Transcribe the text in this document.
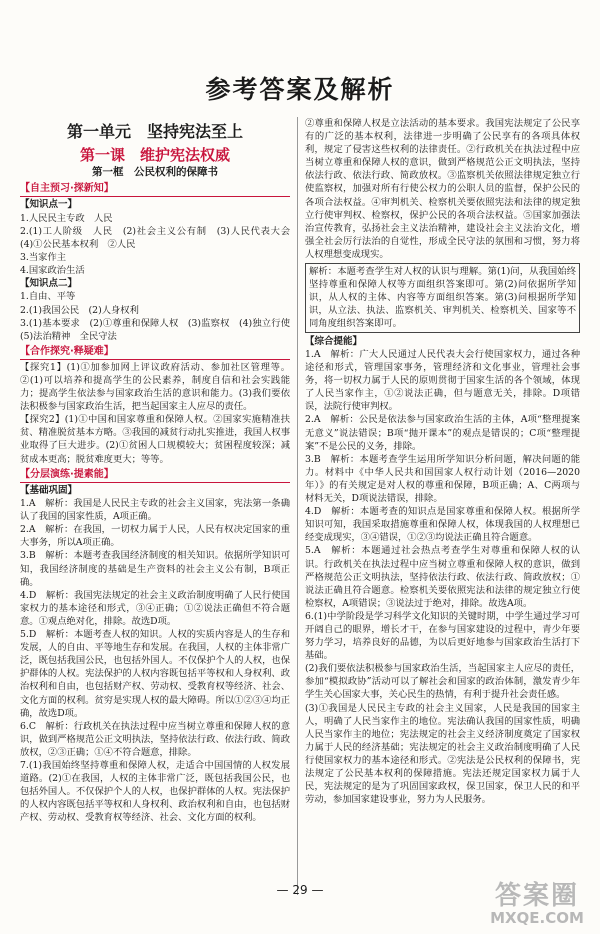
参考答案及解析
第一单元　坚持宪法至上
第一课　维护宪法权威
第一框　公民权利的保障书
【自主预习·探新知】
【知识点一】

1.人民民主专政　人民

2.(1)工人阶级　人民　(2)社会主义公有制　(3)人民代表大会　(4)①公民基本权利　②人民

3.当家作主

4.国家政治生活

【知识点二】

1.自由、平等

2.(1)我国公民　(2)人身权利

3.(1)基本要求　(2)①尊重和保障人权　(3)监察权　(4)独立行使　(5)法治精神　全民守法

【合作探究·释疑难】

【探究1】(1)①加参加网上评议政府活动、参加社区管理等。②(1)可以培养和提高学生的公民素养，制度自信和社会实践能力；提高学生依法参与国家政治生活的意识和能力。(3)我们要依法积极参与国家政治生活，把当起国家主人应尽的责任。

【探究2】(1)①中国和国家尊重和保障人权。②国家实施精准扶贫、精准脱贫基本方略。③我国的减贫行动扎实推进，我国人权事业取得了巨大进步。(2)①贫困人口规模较大；贫困程度较深；减贫成本更高；脱贫难度更大；等等。

【分层演练·提素能】
【基础巩固】

1.A　解析：我国是人民民主专政的社会主义国家，宪法第一条确认了我国的国家性质，A项正确。

2.A　解析：在我国，一切权力属于人民，人民有权决定国家的重大事务，所以A项正确。

3.B　解析：本题考查我国经济制度的相关知识。依据所学知识可知，我国经济制度的基础是生产资料的社会主义公有制，B项正确。

4.D　解析：我国宪法规定的社会主义政治制度明确了人民行使国家权力的基本途径和形式，③④正确；①②说法正确但不符合题意。①观点绝对化，排除。故选D项。

5.D　解析：本题考查人权的知识。人权的实质内容是人的生存和发展，人的自由、平等地生存和发展。在我国，人权的主体非常广泛，既包括我国公民，也包括外国人。不仅保护个人的人权，也保护群体的人权。宪法保护的人权内容既包括平等权和人身权利、政治权利和自由，也包括财产权、劳动权、受教育权等经济、社会、文化方面的权利。贫穷是实现人权的最大障碍。所以①②③④均正确，故选D项。

6.C　解析：行政机关在执法过程中应当树立尊重和保障人权的意识，做到严格规范公正文明执法，坚持依法行政、依法行政、简政放权，②③正确；①④不符合题意，排除。

7.(1)我国始终坚持尊重和保障人权，走适合中国国情的人权发展道路。(2)①在我国，人权的主体非常广泛，既包括我国公民，也包括外国人。不仅保护个人的人权，也保护群体的人权。宪法保护的人权内容既包括平等权和人身权利、政治权利和自由，也包括财产权、劳动权、受教育权等经济、社会、文化方面的权利。

②尊重和保障人权是立法活动的基本要求。我国宪法规定了公民享有的广泛的基本权利，法律进一步明确了公民享有的各项具体权利，规定了侵害这些权利的法律责任。②行政机关在执法过程中应当树立尊重和保障人权的意识，做到严格规范公正文明执法，坚持依法行政、依法行政、简政放权。③监察机关依照法律规定独立行使监察权，加强对所有行使公权力的公职人员的监督，保护公民的各项合法权益。④审判机关、检察机关要依照宪法和法律的规定独立行使审判权、检察权，保护公民的各项合法权益。⑤国家加强法治宣传教育，弘扬社会主义法治精神，建设社会主义法治文化，增强全社会厉行法治的自觉性，形成全民守法的氛围和习惯，努力将人权理想变成现实。

解析：本题考查学生对人权的认识与理解。第(1)问，从我国始终坚持尊重和保障人权等方面组织答案即可。第(2)问依据所学知识，从人权的主体、内容等方面组织答案。第(3)问根据所学知识，从立法、执法、监察机关、审判机关、检察机关、国家等不同角度组织答案即可。

【综合提能】

1.A　解析：广大人民通过人民代表大会行使国家权力，通过各种途径和形式，管理国家事务，管理经济和文化事业，管理社会事务，将一切权力属于人民的原则贯彻于国家生活的各个领域，体现了人民当家作主，①②说法正确，但与题意无关，排除。D项错误，法院行使审判权。

2.A　解析：公民是依法参与国家政治生活的主体，A项“整理提案无意义”说法错误；B项“抛开课本”的观点是错误的；C项“整理提案”不是公民的义务，排除。

3.B　解析：本题考查学生运用所学知识分析问题，解决问题的能力。材料中《中华人民共和国国家人权行动计划（2016—2020年）》的有关规定是对人权的尊重和保障，B项正确；A、C两项与材料无关，D项说法错误，排除。

4.D　解析：本题考查的知识点是国家尊重和保障人权。根据所学知识可知，我国采取措施尊重和保障人权，体现我国的人权理想已经变成现实，③④错误，①②③均说法正确且符合题意。

5.A　解析：本题通过社会热点考查学生对尊重和保障人权的认识。行政机关在执法过程中应当树立尊重和保障人权的意识，做到严格规范公正文明执法，坚持依法行政、依法行政、简政放权；①说法正确且符合题意。检察机关要依照宪法和法律的规定独立行使检察权，A项错误；③说法过于绝对，排除。故选A项。

6.(1)中学阶段是学习科学文化知识的关键时期，中学生通过学习可开阔自己的眼界，增长才干，在参与国家建设的过程中，青少年要努力学习，培养良好的品德，为以后更好地参与国家政治生活打下基础。

(2)我们要依法积极参与国家政治生活，当起国家主人应尽的责任，参加“模拟政协”活动可以了解社会和国家的政治体制，激发青少年学生关心国家大事，关心民生的热情，有利于提升社会责任感。

(3)①我国是人民民主专政的社会主义国家，人民是我国的国家主人，明确了人民当家作主的地位。宪法确认我国的国家性质，明确人民当家作主的地位；宪法规定的社会主义经济制度奠定了国家权力属于人民的经济基础；宪法规定的社会主义政治制度明确了人民行使国家权力的基本途径和形式。②宪法是公民权利的保障书，宪法规定了公民基本权利的保障措施。宪法还规定国家权力属于人民，宪法规定的是为了巩固国家政权，保卫国家，保卫人民的和平劳动，参加国家建设事业，努力为人民服务。

— 29 —	答案圈
MXQE.COM
